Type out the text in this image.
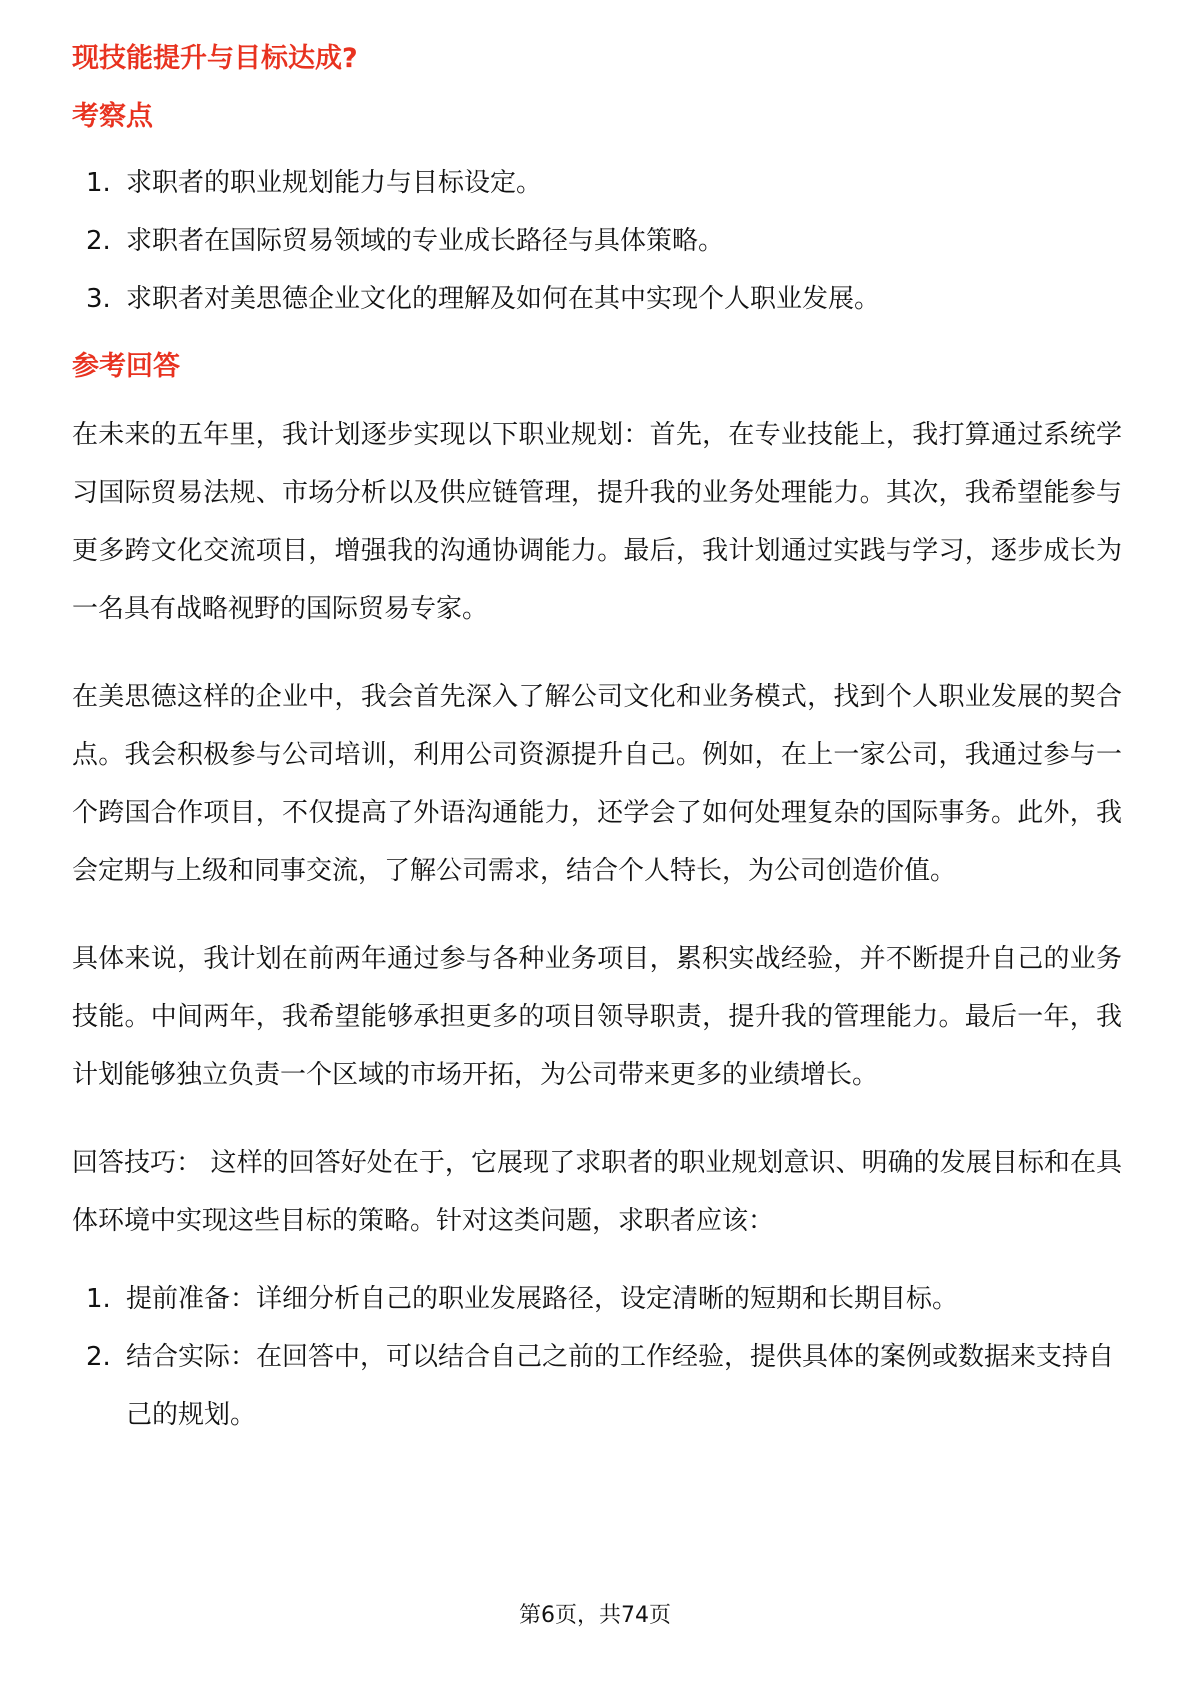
现技能提升与目标达成?
考察点
1. 求职者的职业规划能力与目标设定。
2. 求职者在国际贸易领域的专业成长路径与具体策略。
3. 求职者对美思德企业文化的理解及如何在其中实现个人职业发展。
参考回答

在未来的五年里，我计划逐步实现以下职业规划：首先，在专业技能上，我打算通过系统学习国际贸易法规、市场分析以及供应链管理，提升我的业务处理能力。其次，我希望能参与更多跨文化交流项目，增强我的沟通协调能力。最后，我计划通过实践与学习，逐步成长为一名具有战略视野的国际贸易专家。

在美思德这样的企业中，我会首先深入了解公司文化和业务模式，找到个人职业发展的契合点。我会积极参与公司培训，利用公司资源提升自己。例如，在上一家公司，我通过参与一个跨国合作项目，不仅提高了外语沟通能力，还学会了如何处理复杂的国际事务。此外，我会定期与上级和同事交流，了解公司需求，结合个人特长，为公司创造价值。

具体来说，我计划在前两年通过参与各种业务项目，累积实战经验，并不断提升自己的业务技能。中间两年，我希望能够承担更多的项目领导职责，提升我的管理能力。最后一年，我计划能够独立负责一个区域的市场开拓，为公司带来更多的业绩增长。

回答技巧： 这样的回答好处在于，它展现了求职者的职业规划意识、明确的发展目标和在具体环境中实现这些目标的策略。针对这类问题，求职者应该：

1. 提前准备：详细分析自己的职业发展路径，设定清晰的短期和长期目标。
2. 结合实际：在回答中，可以结合自己之前的工作经验，提供具体的案例或数据来支持自己的规划。
第6页，共74页
